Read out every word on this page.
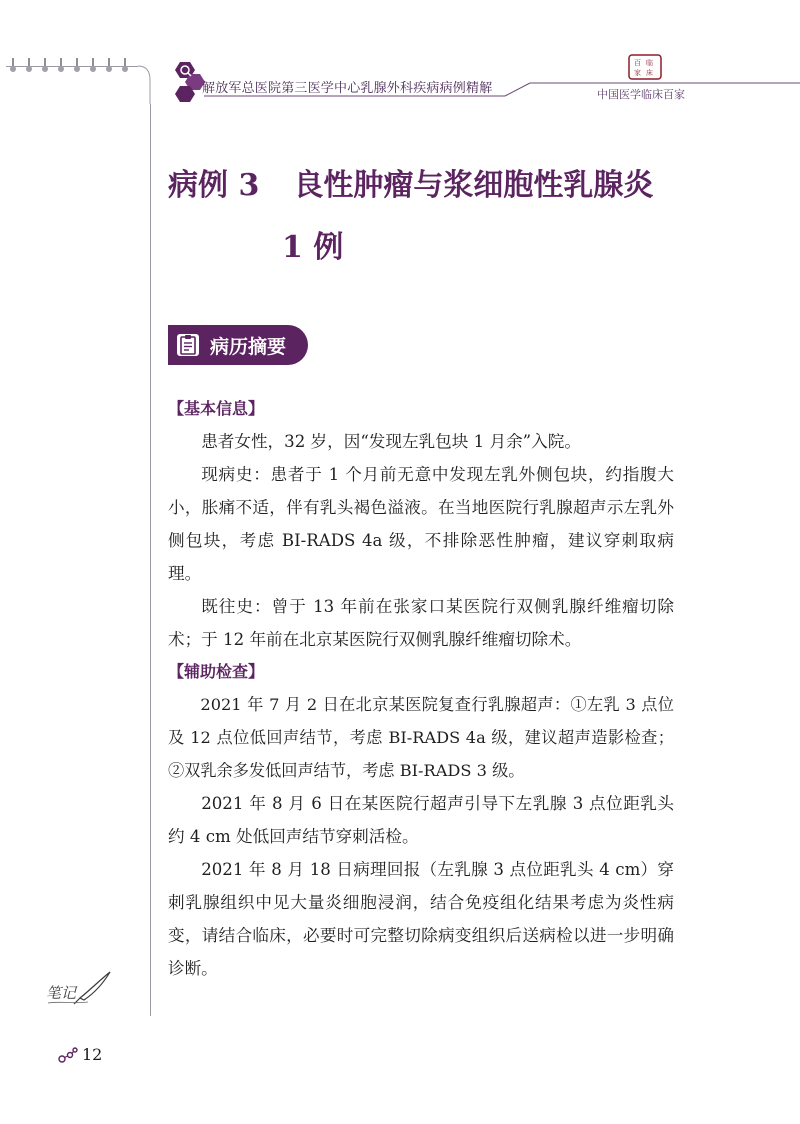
解放军总医院第三医学中心乳腺外科疾病病例精解
百 临
家 床
中国医学临床百家
病例 3 良性肿瘤与浆细胞性乳腺炎
1 例
病历摘要

【基本信息】

患者女性，32 岁，因“发现左乳包块 1 月余”入院。

现病史：患者于 1 个月前无意中发现左乳外侧包块，约指腹大小，胀痛不适，伴有乳头褐色溢液。在当地医院行乳腺超声示左乳外侧包块，考虑 BI-RADS 4a 级，不排除恶性肿瘤，建议穿刺取病理。

既往史：曾于 13 年前在张家口某医院行双侧乳腺纤维瘤切除术；于 12 年前在北京某医院行双侧乳腺纤维瘤切除术。

【辅助检查】

2021 年 7 月 2 日在北京某医院复查行乳腺超声：①左乳 3 点位及 12 点位低回声结节，考虑 BI-RADS 4a 级，建议超声造影检查；②双乳余多发低回声结节，考虑 BI-RADS 3 级。

2021 年 8 月 6 日在某医院行超声引导下左乳腺 3 点位距乳头约 4 cm 处低回声结节穿刺活检。

2021 年 8 月 18 日病理回报（左乳腺 3 点位距乳头 4 cm）穿刺乳腺组织中见大量炎细胞浸润，结合免疫组化结果考虑为炎性病变，请结合临床，必要时可完整切除病变组织后送病检以进一步明确诊断。

笔记
12
